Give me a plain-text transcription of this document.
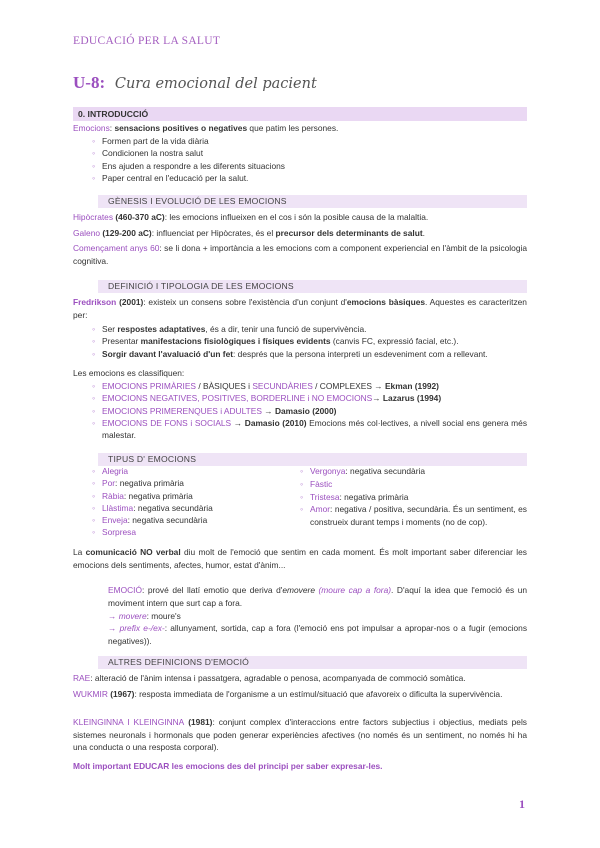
EDUCACIÓ PER LA SALUT
U-8: Cura emocional del pacient
0. INTRODUCCIÓ
Emocions: sensacions positives o negatives que patim les persones.
◦ Formen part de la vida diària
◦ Condicionen la nostra salut
◦ Ens ajuden a respondre a les diferents situacions
◦ Paper central en l'educació per la salut.
GÈNESIS I EVOLUCIÓ DE LES EMOCIONS
Hipòcrates (460-370 aC): les emocions influeixen en el cos i són la posible causa de la malaltia.
Galeno (129-200 aC): influenciat per Hipòcrates, és el precursor dels determinants de salut.
Començament anys 60: se li dona + importància a les emocions com a component experiencial en l'àmbit de la psicologia cognitiva.
DEFINICIÓ I TIPOLOGIA DE LES EMOCIONS
Fredrikson (2001): existeix un consens sobre l'existència d'un conjunt d'emocions bàsiques. Aquestes es caracteritzen per:
◦ Ser respostes adaptatives, és a dir, tenir una funció de supervivència.
◦ Presentar manifestacions fisiològiques i físiques evidents (canvis FC, expressió facial, etc.).
◦ Sorgir davant l'avaluació d'un fet: després que la persona interpreti un esdeveniment com a rellevant.
Les emocions es classifiquen:
◦ EMOCIONS PRIMÀRIES / BÀSIQUES i SECUNDÀRIES / COMPLEXES → Ekman (1992)
◦ EMOCIONS NEGATIVES, POSITIVES, BORDERLINE i NO EMOCIONS→ Lazarus (1994)
◦ EMOCIONS PRIMERENQUES i ADULTES → Damasio (2000)
◦ EMOCIONS DE FONS i SOCIALS → Damasio (2010) Emocions més col·lectives, a nivell social ens genera més malestar.
TIPUS D' EMOCIONS
◦ Alegria
◦ Por: negativa primària
◦ Ràbia: negativa primària
◦ Llàstima: negativa secundària
◦ Enveja: negativa secundària
◦ Sorpresa
◦ Vergonya: negativa secundària
◦ Fàstic
◦ Tristesa: negativa primària
◦ Amor: negativa / positiva, secundària. És un sentiment, es construeix durant temps i moments (no de cop).
La comunicació NO verbal diu molt de l'emoció que sentim en cada moment. És molt important saber diferenciar les emocions dels sentiments, afectes, humor, estat d'ànim...
EMOCIÓ: prové del llatí emotio que deriva d'emovere (moure cap a fora). D'aquí la idea que l'emoció és un moviment intern que surt cap a fora.
→ movere: moure's
→ prefix e-/ex-: allunyament, sortida, cap a fora (l'emoció ens pot impulsar a apropar-nos o a fugir (emocions negatives)).
ALTRES DEFINICIONS D'EMOCIÓ
RAE: alteració de l'ànim intensa i passatgera, agradable o penosa, acompanyada de commoció somàtica.
WUKMIR (1967): resposta immediata de l'organisme a un estímul/situació que afavoreix o dificulta la supervivència.
KLEINGINNA I KLEINGINNA (1981): conjunt complex d'interaccions entre factors subjectius i objectius, mediats pels sistemes neuronals i hormonals que poden generar experiències afectives (no només és un sentiment, no només hi ha una conducta o una resposta corporal).
Molt important EDUCAR les emocions des del principi per saber expresar-les.
1
